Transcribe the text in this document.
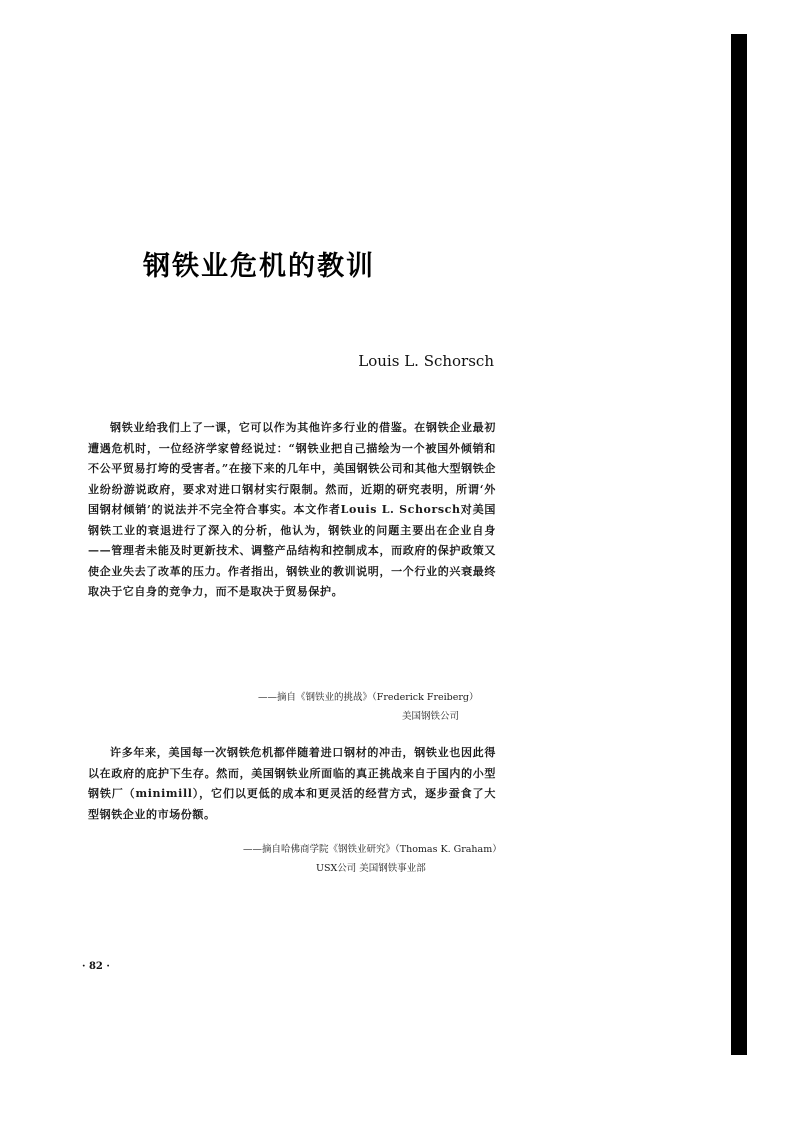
钢铁业危机的教训
Louis L. Schorsch
钢铁业给我们上了一课，它可以作为其他许多行业的借鉴。在钢铁企业最初遭遇危机时，一位经济学家曾经说过：“钢铁业把自己描绘为一个被国外倾销和不公平贸易打垮的受害者。”在接下来的几年中，美国钢铁公司和其他大型钢铁企业纷纷游说政府，要求对进口钢材实行限制。然而，近期的研究表明，所谓‘外国钢材倾销’的说法并不完全符合事实。本文作者Louis L. Schorsch对美国钢铁工业的衰退进行了深入的分析，他认为，钢铁业的问题主要出在企业自身——管理者未能及时更新技术、调整产品结构和控制成本，而政府的保护政策又使企业失去了改革的压力。作者指出，钢铁业的教训说明，一个行业的兴衰最终取决于它自身的竞争力，而不是取决于贸易保护。
——摘自《钢铁业的挑战》（Frederick Freiberg）
美国钢铁公司
许多年来，美国每一次钢铁危机都伴随着进口钢材的冲击，钢铁业也因此得以在政府的庇护下生存。然而，美国钢铁业所面临的真正挑战来自于国内的小型钢铁厂（minimill），它们以更低的成本和更灵活的经营方式，逐步蚕食了大型钢铁企业的市场份额。
——摘自哈佛商学院《钢铁业研究》（Thomas K. Graham）
USX公司 美国钢铁事业部
· 82 ·
